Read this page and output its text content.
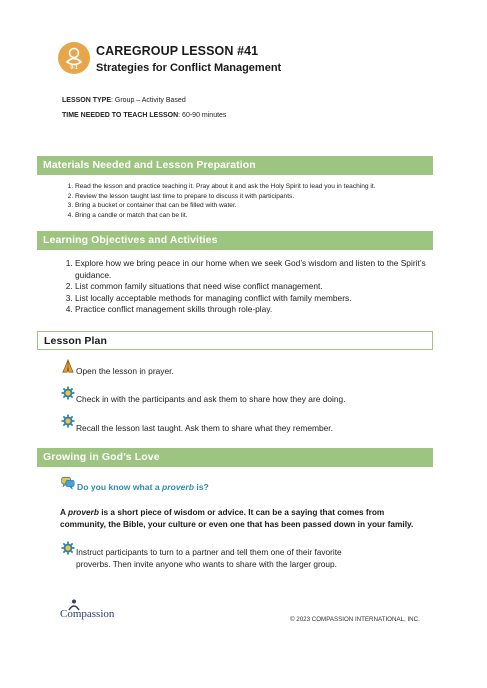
0-1
CAREGROUP LESSON #41
Strategies for Conflict Management
LESSON TYPE: Group – Activity Based
TIME NEEDED TO TEACH LESSON: 60-90 minutes
Materials Needed and Lesson Preparation
1. Read the lesson and practice teaching it. Pray about it and ask the Holy Spirit to lead you in teaching it.
2. Review the lesson taught last time to prepare to discuss it with participants.
3. Bring a bucket or container that can be filled with water.
4. Bring a candle or match that can be lit.
Learning Objectives and Activities
1. Explore how we bring peace in our home when we seek God’s wisdom and listen to the Spirit’s guidance.
2. List common family situations that need wise conflict management.
3. List locally acceptable methods for managing conflict with family members.
4. Practice conflict management skills through role-play.
Lesson Plan
Open the lesson in prayer.
Check in with the participants and ask them to share how they are doing.
Recall the lesson last taught. Ask them to share what they remember.
Growing in God’s Love
Do you know what a proverb is?
A proverb is a short piece of wisdom or advice. It can be a saying that comes from community, the Bible, your culture or even one that has been passed down in your family.
Instruct participants to turn to a partner and tell them one of their favorite
proverbs. Then invite anyone who wants to share with the larger group.
Compassion	© 2023 COMPASSION INTERNATIONAL, INC.
